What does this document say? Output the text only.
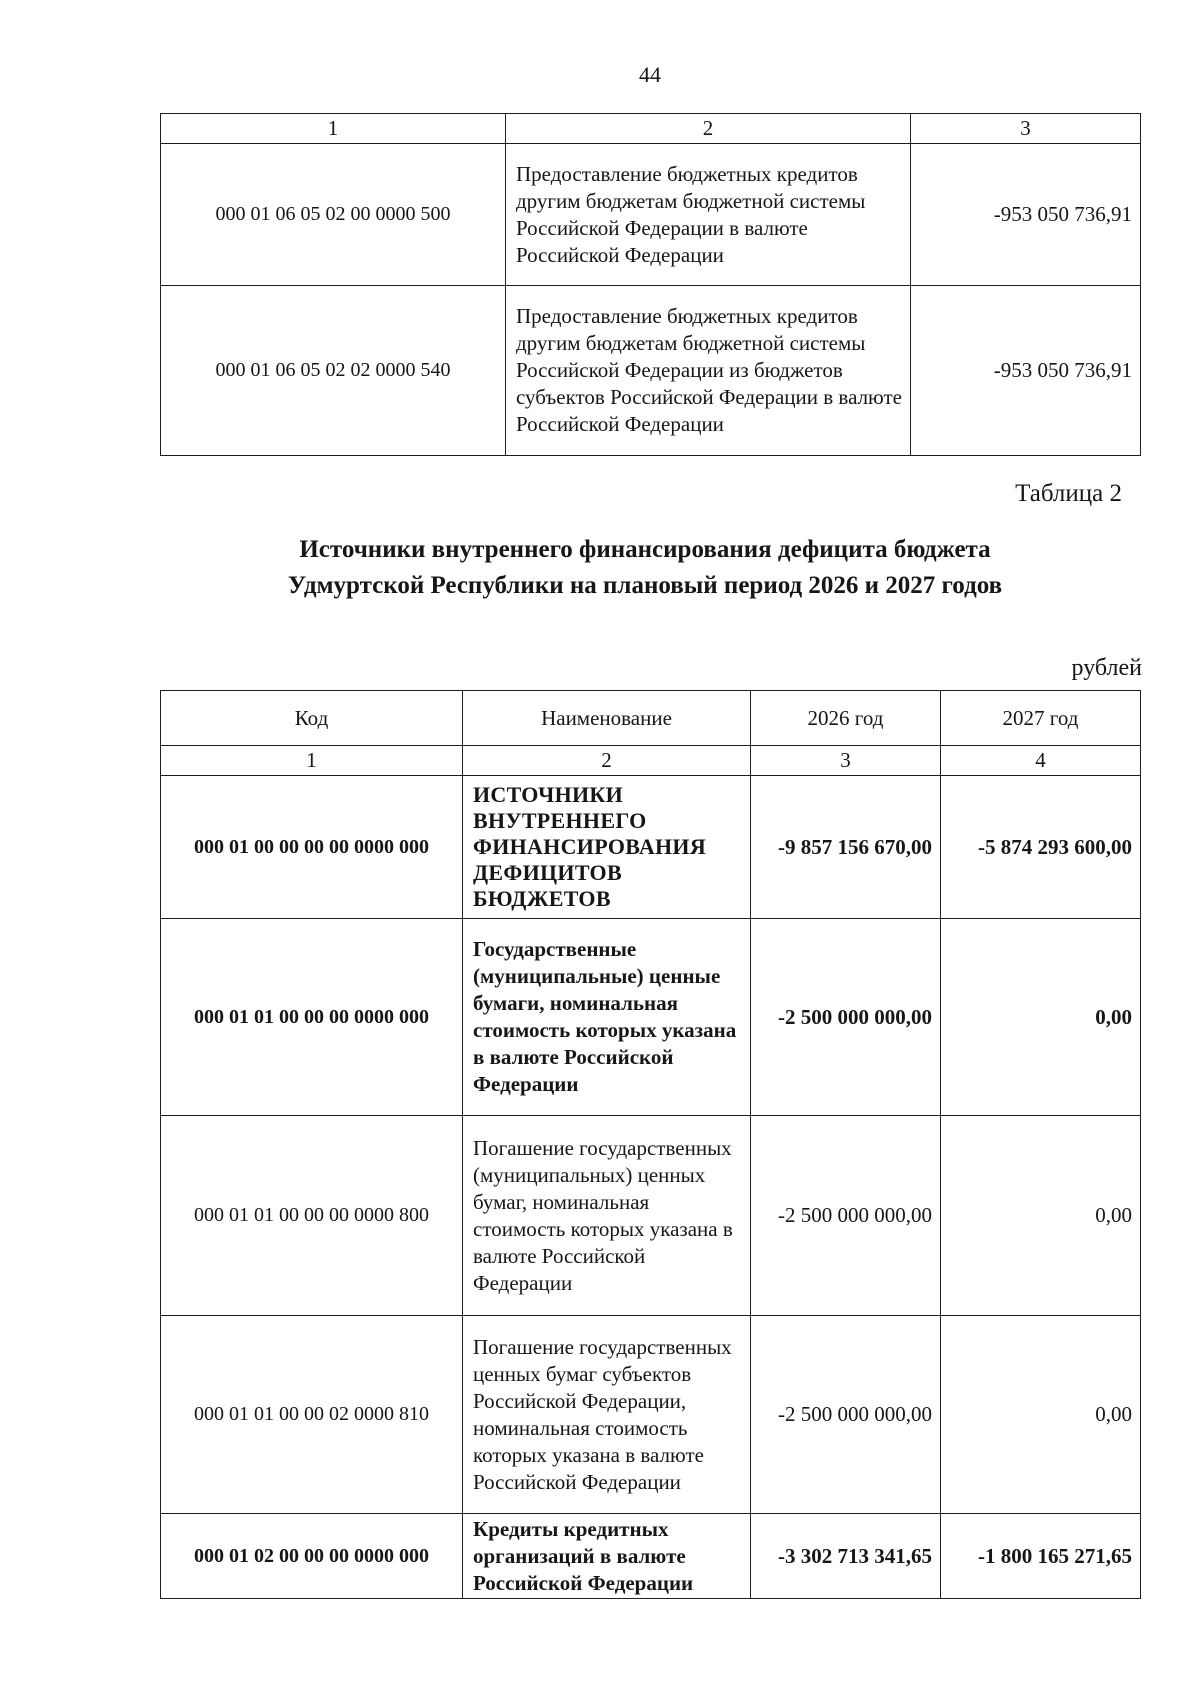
44
1	2	3
000 01 06 05 02 00 0000 500	Предоставление бюджетных кредитов другим бюджетам бюджетной системы Российской Федерации в валюте Российской Федерации	-953 050 736,91
000 01 06 05 02 02 0000 540	Предоставление бюджетных кредитов другим бюджетам бюджетной системы Российской Федерации из бюджетов субъектов Российской Федерации в валюте Российской Федерации	-953 050 736,91
Таблица 2
Источники внутреннего финансирования дефицита бюджета Удмуртской Республики на плановый период 2026 и 2027 годов
рублей
Код	Наименование	2026 год	2027 год
1	2	3	4
000 01 00 00 00 00 0000 000	ИСТОЧНИКИ ВНУТРЕННЕГО ФИНАНСИРОВАНИЯ ДЕФИЦИТОВ БЮДЖЕТОВ	-9 857 156 670,00	-5 874 293 600,00
000 01 01 00 00 00 0000 000	Государственные (муниципальные) ценные бумаги, номинальная стоимость которых указана в валюте Российской Федерации	-2 500 000 000,00	0,00
000 01 01 00 00 00 0000 800	Погашение государственных (муниципальных) ценных бумаг, номинальная стоимость которых указана в валюте Российской Федерации	-2 500 000 000,00	0,00
000 01 01 00 00 02 0000 810	Погашение государственных ценных бумаг субъектов Российской Федерации, номинальная стоимость которых указана в валюте Российской Федерации	-2 500 000 000,00	0,00
000 01 02 00 00 00 0000 000	Кредиты кредитных организаций в валюте Российской Федерации	-3 302 713 341,65	-1 800 165 271,65
